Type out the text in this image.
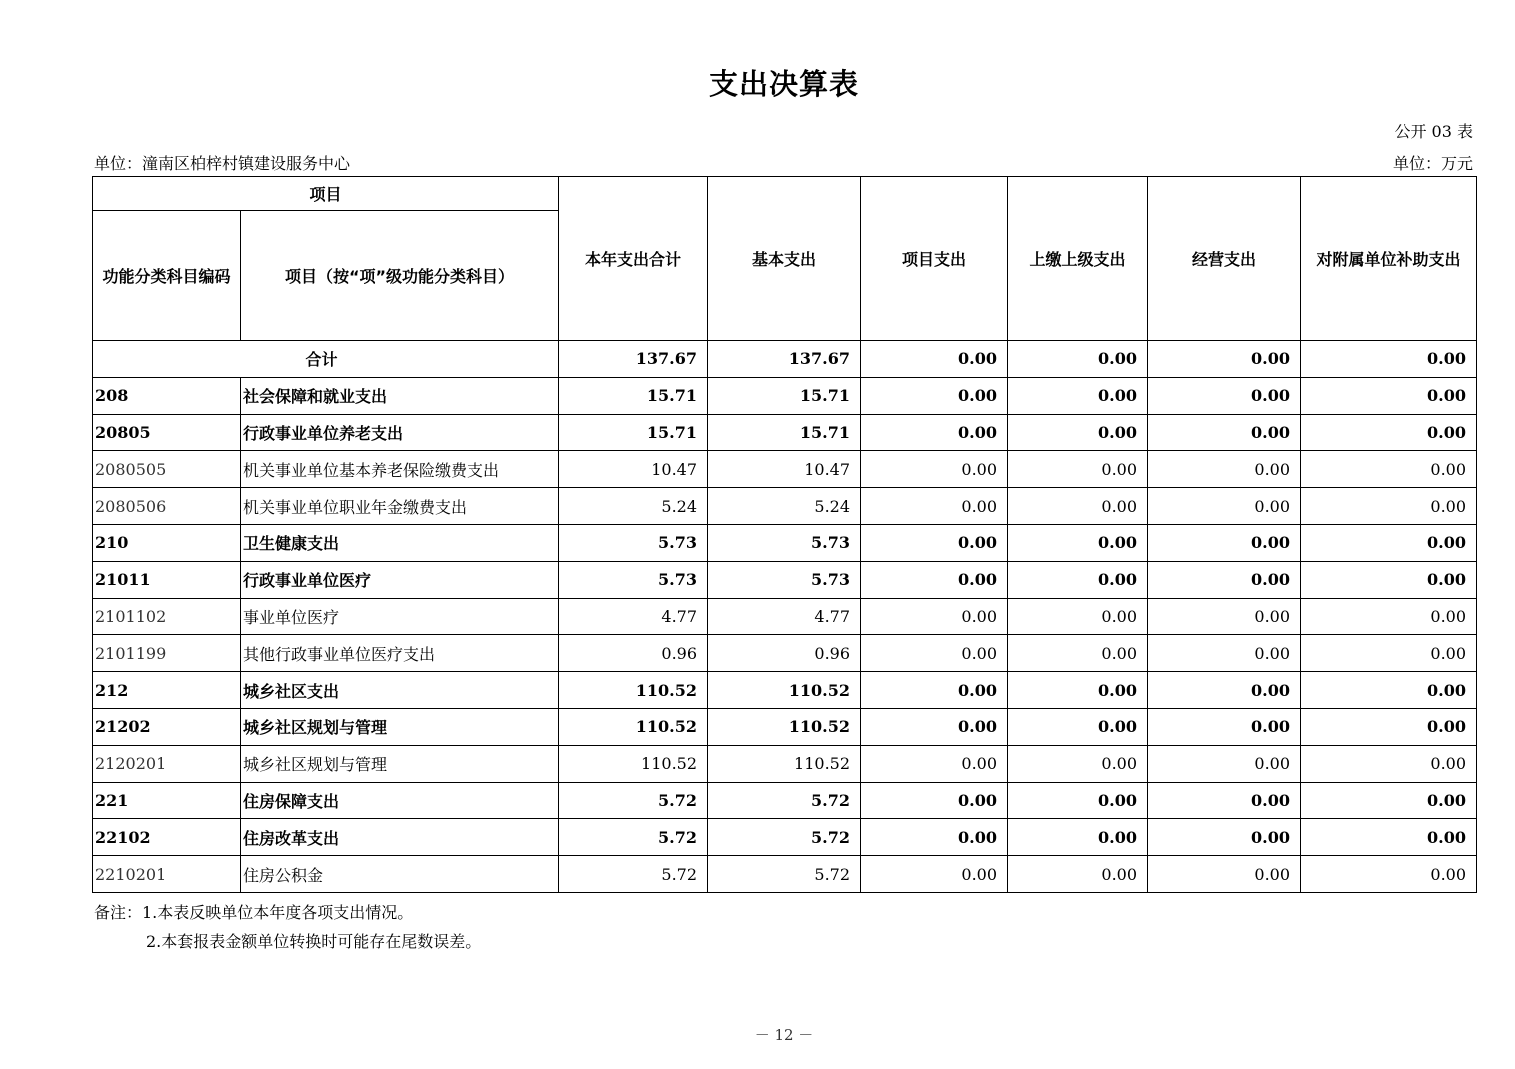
支出决算表
公开 03 表
单位：潼南区柏梓村镇建设服务中心	单位：万元
项目		本年支出合计	基本支出	项目支出	上缴上级支出	经营支出	对附属单位补助支出
功能分类科目编码	项目（按“项”级功能分类科目）						
合计		137.67	137.67	0.00	0.00	0.00	0.00
208	社会保障和就业支出	15.71	15.71	0.00	0.00	0.00	0.00
20805	行政事业单位养老支出	15.71	15.71	0.00	0.00	0.00	0.00
2080505	机关事业单位基本养老保险缴费支出	10.47	10.47	0.00	0.00	0.00	0.00
2080506	机关事业单位职业年金缴费支出	5.24	5.24	0.00	0.00	0.00	0.00
210	卫生健康支出	5.73	5.73	0.00	0.00	0.00	0.00
21011	行政事业单位医疗	5.73	5.73	0.00	0.00	0.00	0.00
2101102	事业单位医疗	4.77	4.77	0.00	0.00	0.00	0.00
2101199	其他行政事业单位医疗支出	0.96	0.96	0.00	0.00	0.00	0.00
212	城乡社区支出	110.52	110.52	0.00	0.00	0.00	0.00
21202	城乡社区规划与管理	110.52	110.52	0.00	0.00	0.00	0.00
2120201	城乡社区规划与管理	110.52	110.52	0.00	0.00	0.00	0.00
221	住房保障支出	5.72	5.72	0.00	0.00	0.00	0.00
22102	住房改革支出	5.72	5.72	0.00	0.00	0.00	0.00
2210201	住房公积金	5.72	5.72	0.00	0.00	0.00	0.00
备注：1.本表反映单位本年度各项支出情况。
2.本套报表金额单位转换时可能存在尾数误差。
－ 12 －
